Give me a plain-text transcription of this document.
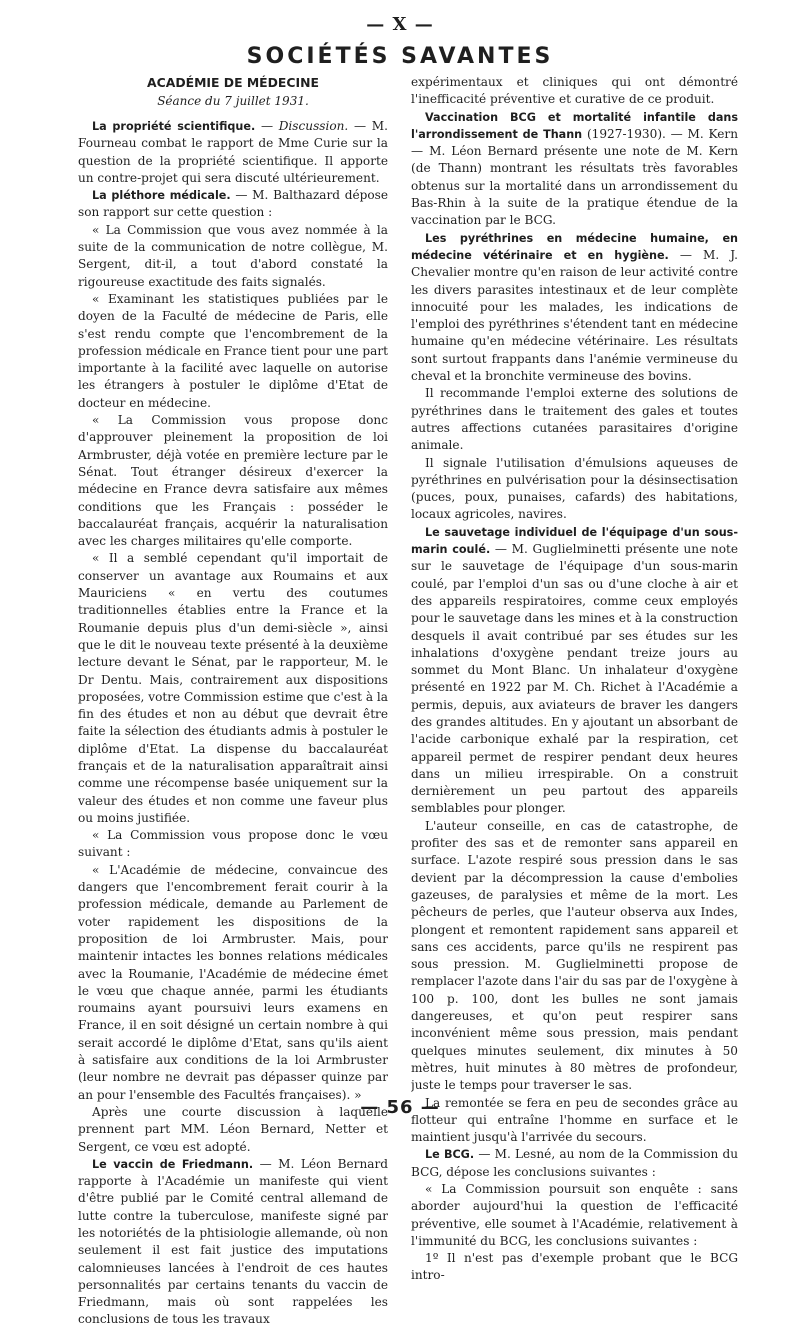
— X —
SOCIÉTÉS SAVANTES
ACADÉMIE DE MÉDECINE
Séance du 7 juillet 1931.

La propriété scientifique. — Discussion. — M. Fourneau combat le rapport de Mme Curie sur la question de la propriété scientifique. Il apporte un contre-projet qui sera discuté ultérieurement.

La pléthore médicale. — M. Balthazard dépose son rapport sur cette question :

« La Commission que vous avez nommée à la suite de la communication de notre collègue, M. Sergent, dit-il, a tout d'abord constaté la rigoureuse exactitude des faits signalés.

« Examinant les statistiques publiées par le doyen de la Faculté de médecine de Paris, elle s'est rendu compte que l'encombrement de la profession médicale en France tient pour une part importante à la facilité avec laquelle on autorise les étrangers à postuler le diplôme d'Etat de docteur en médecine.

« La Commission vous propose donc d'approuver pleinement la proposition de loi Armbruster, déjà votée en première lecture par le Sénat. Tout étranger désireux d'exercer la médecine en France devra satisfaire aux mêmes conditions que les Français : posséder le baccalauréat français, acquérir la naturalisation avec les charges militaires qu'elle comporte.

« Il a semblé cependant qu'il importait de conserver un avantage aux Roumains et aux Mauriciens « en vertu des coutumes traditionnelles établies entre la France et la Roumanie depuis plus d'un demi-siècle », ainsi que le dit le nouveau texte présenté à la deuxième lecture devant le Sénat, par le rapporteur, M. le Dr Dentu. Mais, contrairement aux dispositions proposées, votre Commission estime que c'est à la fin des études et non au début que devrait être faite la sélection des étudiants admis à postuler le diplôme d'Etat. La dispense du baccalauréat français et de la naturalisation apparaîtrait ainsi comme une récompense basée uniquement sur la valeur des études et non comme une faveur plus ou moins justifiée.

« La Commission vous propose donc le vœu suivant :

« L'Académie de médecine, convaincue des dangers que l'encombrement ferait courir à la profession médicale, demande au Parlement de voter rapidement les dispositions de la proposition de loi Armbruster. Mais, pour maintenir intactes les bonnes relations médicales avec la Roumanie, l'Académie de médecine émet le vœu que chaque année, parmi les étudiants roumains ayant poursuivi leurs examens en France, il en soit désigné un certain nombre à qui serait accordé le diplôme d'Etat, sans qu'ils aient à satisfaire aux conditions de la loi Armbruster (leur nombre ne devrait pas dépasser quinze par an pour l'ensemble des Facultés françaises). »

Après une courte discussion à laquelle prennent part MM. Léon Bernard, Netter et Sergent, ce vœu est adopté.

Le vaccin de Friedmann. — M. Léon Bernard rapporte à l'Académie un manifeste qui vient d'être publié par le Comité central allemand de lutte contre la tuberculose, manifeste signé par les notoriétés de la phtisiologie allemande, où non seulement il est fait justice des imputations calomnieuses lancées à l'endroit de ces hautes personnalités par certains tenants du vaccin de Friedmann, mais où sont rappelées les conclusions de tous les travaux

expérimentaux et cliniques qui ont démontré l'inefficacité préventive et curative de ce produit.

Vaccination BCG et mortalité infantile dans l'arrondissement de Thann (1927-1930). — M. Kern — M. Léon Bernard présente une note de M. Kern (de Thann) montrant les résultats très favorables obtenus sur la mortalité dans un arrondissement du Bas-Rhin à la suite de la pratique étendue de la vaccination par le BCG.

Les pyréthrines en médecine humaine, en médecine vétérinaire et en hygiène. — M. J. Chevalier montre qu'en raison de leur activité contre les divers parasites intestinaux et de leur complète innocuité pour les malades, les indications de l'emploi des pyréthrines s'étendent tant en médecine humaine qu'en médecine vétérinaire. Les résultats sont surtout frappants dans l'anémie vermineuse du cheval et la bronchite vermineuse des bovins.

Il recommande l'emploi externe des solutions de pyréthrines dans le traitement des gales et toutes autres affections cutanées parasitaires d'origine animale.

Il signale l'utilisation d'émulsions aqueuses de pyréthrines en pulvérisation pour la désinsectisation (puces, poux, punaises, cafards) des habitations, locaux agricoles, navires.

Le sauvetage individuel de l'équipage d'un sous-marin coulé. — M. Guglielminetti présente une note sur le sauvetage de l'équipage d'un sous-marin coulé, par l'emploi d'un sas ou d'une cloche à air et des appareils respiratoires, comme ceux employés pour le sauvetage dans les mines et à la construction desquels il avait contribué par ses études sur les inhalations d'oxygène pendant treize jours au sommet du Mont Blanc. Un inhalateur d'oxygène présenté en 1922 par M. Ch. Richet à l'Académie a permis, depuis, aux aviateurs de braver les dangers des grandes altitudes. En y ajoutant un absorbant de l'acide carbonique exhalé par la respiration, cet appareil permet de respirer pendant deux heures dans un milieu irrespirable. On a construit dernièrement un peu partout des appareils semblables pour plonger.

L'auteur conseille, en cas de catastrophe, de profiter des sas et de remonter sans appareil en surface. L'azote respiré sous pression dans le sas devient par la décompression la cause d'embolies gazeuses, de paralysies et même de la mort. Les pêcheurs de perles, que l'auteur observa aux Indes, plongent et remontent rapidement sans appareil et sans ces accidents, parce qu'ils ne respirent pas sous pression. M. Guglielminetti propose de remplacer l'azote dans l'air du sas par de l'oxygène à 100 p. 100, dont les bulles ne sont jamais dangereuses, et qu'on peut respirer sans inconvénient même sous pression, mais pendant quelques minutes seulement, dix minutes à 50 mètres, huit minutes à 80 mètres de profondeur, juste le temps pour traverser le sas.

La remontée se fera en peu de secondes grâce au flotteur qui entraîne l'homme en surface et le maintient jusqu'à l'arrivée du secours.

Le BCG. — M. Lesné, au nom de la Commission du BCG, dépose les conclusions suivantes :

« La Commission poursuit son enquête : sans aborder aujourd'hui la question de l'efficacité préventive, elle soumet à l'Académie, relativement à l'immunité du BCG, les conclusions suivantes :

1º Il n'est pas d'exemple probant que le BCG intro-

— 56 —
